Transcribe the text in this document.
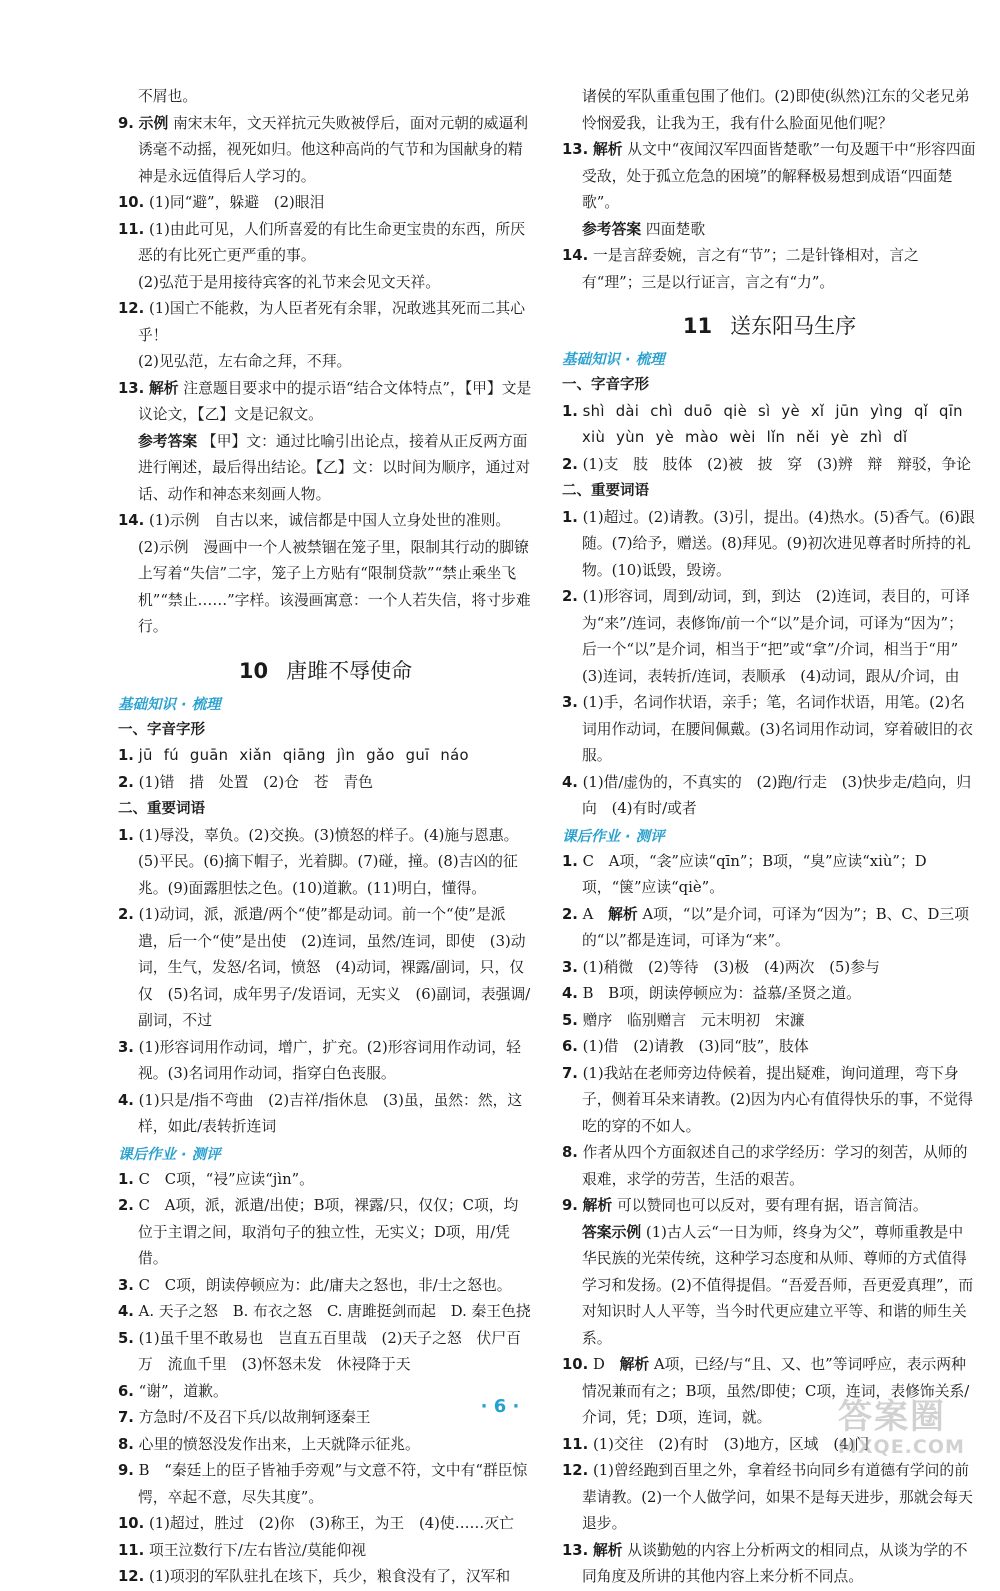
不屑也。
9. 示例 南宋末年，文天祥抗元失败被俘后，面对元朝的威逼利诱毫不动摇，视死如归。他这种高尚的气节和为国献身的精神是永远值得后人学习的。
10. (1)同“避”，躲避　(2)眼泪
11. (1)由此可见，人们所喜爱的有比生命更宝贵的东西，所厌恶的有比死亡更严重的事。
(2)弘范于是用接待宾客的礼节来会见文天祥。
12. (1)国亡不能救，为人臣者死有余罪，况敢逃其死而二其心乎！
(2)见弘范，左右命之拜，不拜。
13. 解析 注意题目要求中的提示语“结合文体特点”，【甲】文是议论文，【乙】文是记叙文。
参考答案 【甲】文：通过比喻引出论点，接着从正反两方面进行阐述，最后得出结论。【乙】文：以时间为顺序，通过对话、动作和神态来刻画人物。
14. (1)示例　自古以来，诚信都是中国人立身处世的准则。
(2)示例　漫画中一个人被禁锢在笼子里，限制其行动的脚镣上写着“失信”二字，笼子上方贴有“限制贷款”“禁止乘坐飞机”“禁止……”字样。该漫画寓意：一个人若失信，将寸步难行。
10 唐雎不辱使命
基础知识 · 梳理
一、字音字形
1. jū fú guān xiǎn qiāng jìn gǎo guī náo
2. (1)错　措　处置　(2)仓　苍　青色
二、重要词语
1. (1)辱没，辜负。(2)交换。(3)愤怒的样子。(4)施与恩惠。(5)平民。(6)摘下帽子，光着脚。(7)碰，撞。(8)吉凶的征兆。(9)面露胆怯之色。(10)道歉。(11)明白，懂得。
2. (1)动词，派，派遣/两个“使”都是动词。前一个“使”是派遣，后一个“使”是出使　(2)连词，虽然/连词，即使　(3)动词，生气，发怒/名词，愤怒　(4)动词，裸露/副词，只，仅仅　(5)名词，成年男子/发语词，无实义　(6)副词，表强调/副词，不过
3. (1)形容词用作动词，增广，扩充。(2)形容词用作动词，轻视。(3)名词用作动词，指穿白色丧服。
4. (1)只是/指不弯曲　(2)吉祥/指休息　(3)虽，虽然：然，这样，如此/表转折连词
课后作业 · 测评
1. C　C项，“祲”应读“jìn”。
2. C　A项，派，派遣/出使；B项，裸露/只，仅仅；C项，均位于主谓之间，取消句子的独立性，无实义；D项，用/凭借。
3. C　C项，朗读停顿应为：此/庸夫之怒也，非/士之怒也。
4. A. 天子之怒　B. 布衣之怒　C. 唐雎挺剑而起　D. 秦王色挠
5. (1)虽千里不敢易也　岂直五百里哉　(2)天子之怒　伏尸百万　流血千里　(3)怀怒未发　休祲降于天
6. “谢”，道歉。
7. 方急时/不及召下兵/以故荆轲逐秦王
8. 心里的愤怒没发作出来，上天就降示征兆。
9. B　“秦廷上的臣子皆袖手旁观”与文意不符，文中有“群臣惊愕，卒起不意，尽失其度”。
10. (1)超过，胜过　(2)你　(3)称王，为王　(4)使……灭亡
11. 项王泣数行下/左右皆泣/莫能仰视
12. (1)项羽的军队驻扎在垓下，兵少，粮食没有了，汉军和
诸侯的军队重重包围了他们。(2)即使(纵然)江东的父老兄弟怜悯爱我，让我为王，我有什么脸面见他们呢？
13. 解析 从文中“夜闻汉军四面皆楚歌”一句及题干中“形容四面受敌，处于孤立危急的困境”的解释极易想到成语“四面楚歌”。
参考答案 四面楚歌
14. 一是言辞委婉，言之有“节”；二是针锋相对，言之有“理”；三是以行证言，言之有“力”。
11 送东阳马生序
基础知识 · 梳理
一、字音字形
1. shì dài chì duō qiè sì yè xǐ jūn yìng qǐ qīn xiù yùn yè mào wèi lǐn něi yè zhì dǐ
2. (1)支　肢　肢体　(2)被　披　穿　(3)辨　辩　辩驳，争论
二、重要词语
1. (1)超过。(2)请教。(3)引，提出。(4)热水。(5)香气。(6)跟随。(7)给予，赠送。(8)拜见。(9)初次进见尊者时所持的礼物。(10)诋毁，毁谤。
2. (1)形容词，周到/动词，到，到达　(2)连词，表目的，可译为“来”/连词，表修饰/前一个“以”是介词，可译为“因为”；后一个“以”是介词，相当于“把”或“拿”/介词，相当于“用”　(3)连词，表转折/连词，表顺承　(4)动词，跟从/介词，由
3. (1)手，名词作状语，亲手；笔，名词作状语，用笔。(2)名词用作动词，在腰间佩戴。(3)名词用作动词，穿着破旧的衣服。
4. (1)借/虚伪的，不真实的　(2)跑/行走　(3)快步走/趋向，归向　(4)有时/或者
课后作业 · 测评
1. C　A项，“衾”应读“qīn”；B项，“臭”应读“xiù”；D项，“箧”应读“qiè”。
2. A　解析 A项，“以”是介词，可译为“因为”；B、C、D三项的“以”都是连词，可译为“来”。
3. (1)稍微　(2)等待　(3)极　(4)两次　(5)参与
4. B　B项，朗读停顿应为：益慕/圣贤之道。
5. 赠序　临别赠言　元末明初　宋濂
6. (1)借　(2)请教　(3)同“肢”，肢体
7. (1)我站在老师旁边侍候着，提出疑难，询问道理，弯下身子，侧着耳朵来请教。(2)因为内心有值得快乐的事，不觉得吃的穿的不如人。
8. 作者从四个方面叙述自己的求学经历：学习的刻苦，从师的艰难，求学的劳苦，生活的艰苦。
9. 解析 可以赞同也可以反对，要有理有据，语言简洁。
答案示例 (1)古人云“一日为师，终身为父”，尊师重教是中华民族的光荣传统，这种学习态度和从师、尊师的方式值得学习和发扬。(2)不值得提倡。“吾爱吾师，吾更爱真理”，而对知识时人人平等，当今时代更应建立平等、和谐的师生关系。
10. D　解析 A项，已经/与“且、又、也”等词呼应，表示两种情况兼而有之；B项，虽然/即使；C项，连词，表修饰关系/介词，凭；D项，连词，就。
11. (1)交往　(2)有时　(3)地方，区域　(4)门
12. (1)曾经跑到百里之外，拿着经书向同乡有道德有学问的前辈请教。(2)一个人做学问，如果不是每天进步，那就会每天退步。
13. 解析 从谈勤勉的内容上分析两文的相同点，从谈为学的不同角度及所讲的其他内容上来分析不同点。
· 6 ·	答案圈
MXQE.COM
